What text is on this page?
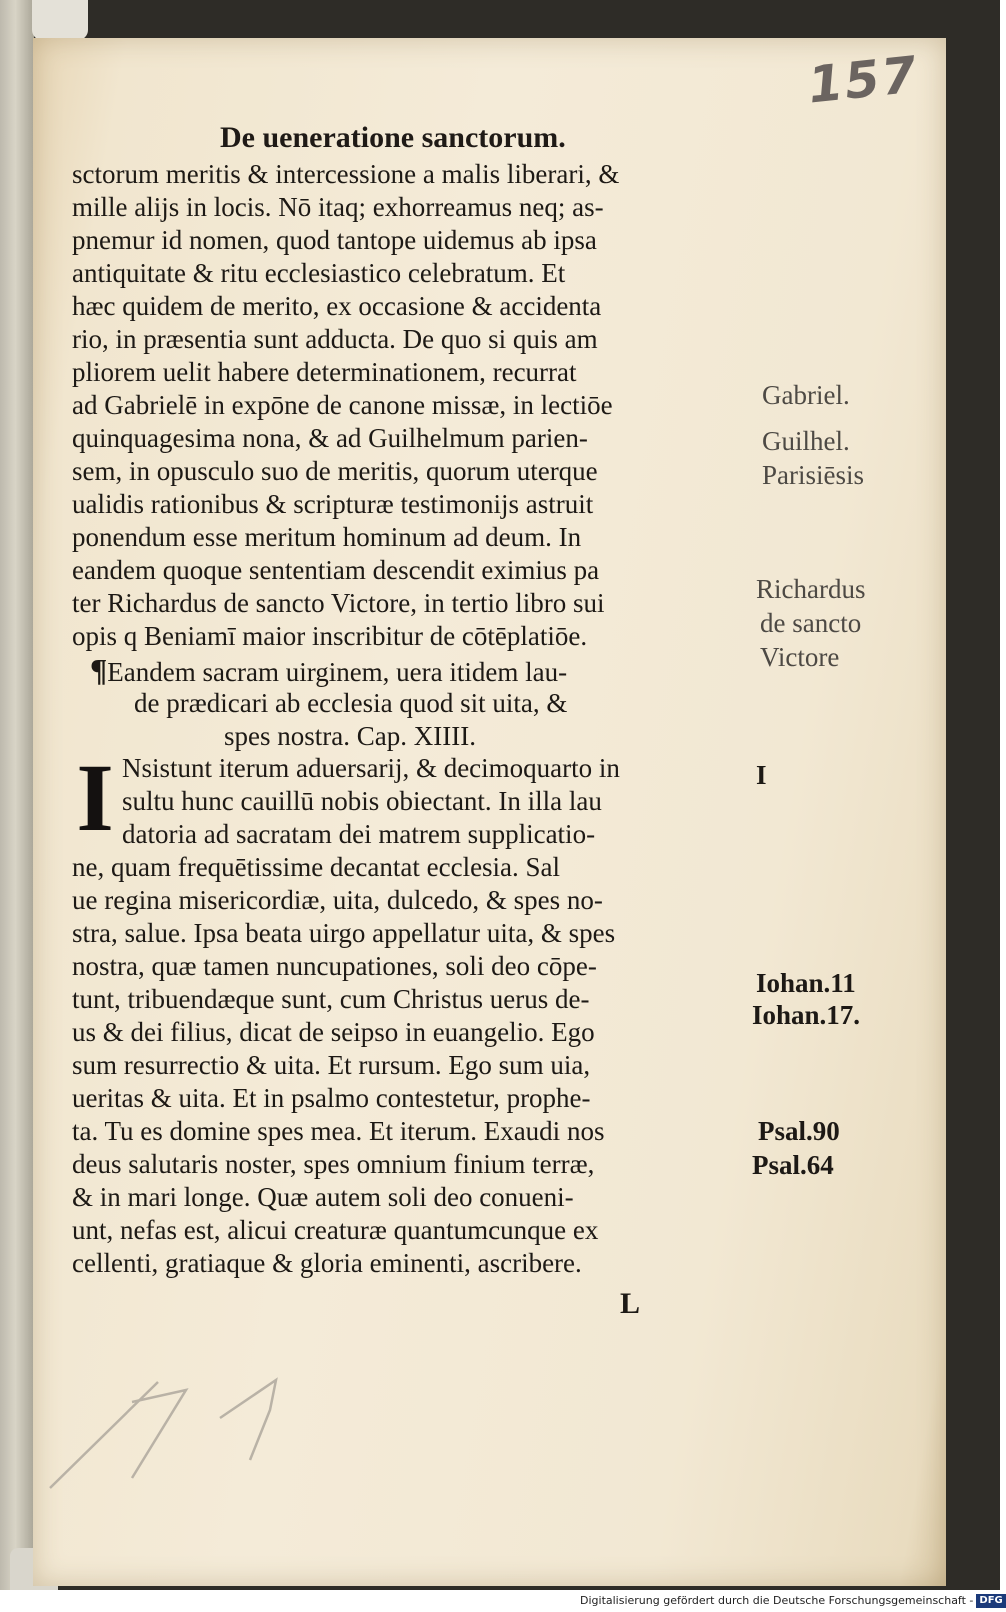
157
De ueneratione sanctorum.
sctorum meritis & intercessione a malis liberari, &
mille alijs in locis. Nō itaq; exhorreamus neq; as-
pnemur id nomen, quod tantope uidemus ab ipsa
antiquitate & ritu ecclesiastico celebratum. Et
hæc quidem de merito, ex occasione & accidenta
rio, in præsentia sunt adducta. De quo si quis am
pliorem uelit habere determinationem, recurrat
ad Gabrielē in expōne de canone missæ, in lectiōe
quinquagesima nona, & ad Guilhelmum parien-
sem, in opusculo suo de meritis, quorum uterque
ualidis rationibus & scripturæ testimonijs astruit
ponendum esse meritum hominum ad deum. In
eandem quoque sententiam descendit eximius pa
ter Richardus de sancto Victore, in tertio libro sui
opis q Beniamī maior inscribitur de cōtēplatiōe.
¶Eandem sacram uirginem, uera itidem lau-
de prædicari ab ecclesia quod sit uita, &
spes nostra. Cap. XIIII.
I Nsistunt iterum aduersarij, & decimoquarto in
sultu hunc cauillū nobis obiectant. In illa lau
datoria ad sacratam dei matrem supplicatio-
ne, quam frequētissime decantat ecclesia. Sal
ue regina misericordiæ, uita, dulcedo, & spes no-
stra, salue. Ipsa beata uirgo appellatur uita, & spes
nostra, quæ tamen nuncupationes, soli deo cōpe-
tunt, tribuendæque sunt, cum Christus uerus de-
us & dei filius, dicat de seipso in euangelio. Ego
sum resurrectio & uita. Et rursum. Ego sum uia,
ueritas & uita. Et in psalmo contestetur, prophe-
ta. Tu es domine spes mea. Et iterum. Exaudi nos
deus salutaris noster, spes omnium finium terræ,
& in mari longe. Quæ autem soli deo conueni-
unt, nefas est, alicui creaturæ quantumcunque ex
cellenti, gratiaque & gloria eminenti, ascribere.
Gabriel.
Guilhel.
Parisiēsis
Richardus
de sancto
Victore
I
Iohan.11
Iohan.17.
Psal.90
Psal.64
L
Digitalisierung gefördert durch die Deutsche Forschungsgemeinschaft - DFG
